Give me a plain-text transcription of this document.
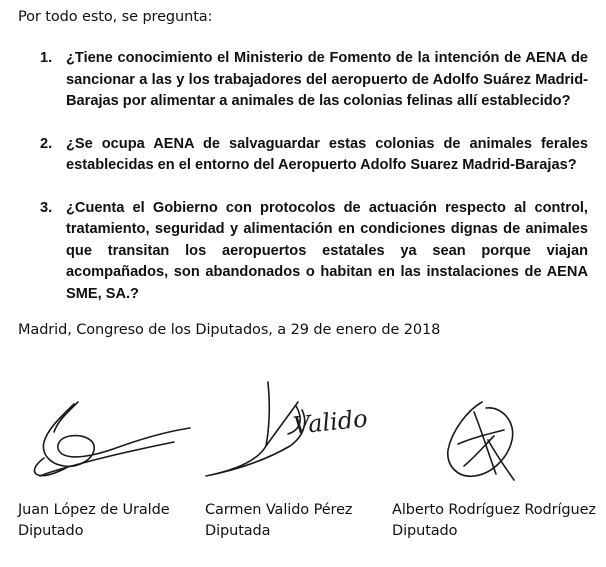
Por todo esto, se pregunta:
1. ¿Tiene conocimiento el Ministerio de Fomento de la intención de AENA de sancionar a las y los trabajadores del aeropuerto de Adolfo Suárez Madrid-Barajas por alimentar a animales de las colonias felinas allí establecido?
2. ¿Se ocupa AENA de salvaguardar estas colonias de animales ferales establecidas en el entorno del Aeropuerto Adolfo Suarez Madrid-Barajas?
3. ¿Cuenta el Gobierno con protocolos de actuación respecto al control, tratamiento, seguridad y alimentación en condiciones dignas de animales que transitan los aeropuertos estatales ya sean porque viajan acompañados, son abandonados o habitan en las instalaciones de AENA SME, SA.?
Madrid, Congreso de los Diputados, a 29 de enero de 2018
Valido
Juan López de Uralde
Diputado
Carmen Valido Pérez
Diputada
Alberto Rodríguez Rodríguez
Diputado
